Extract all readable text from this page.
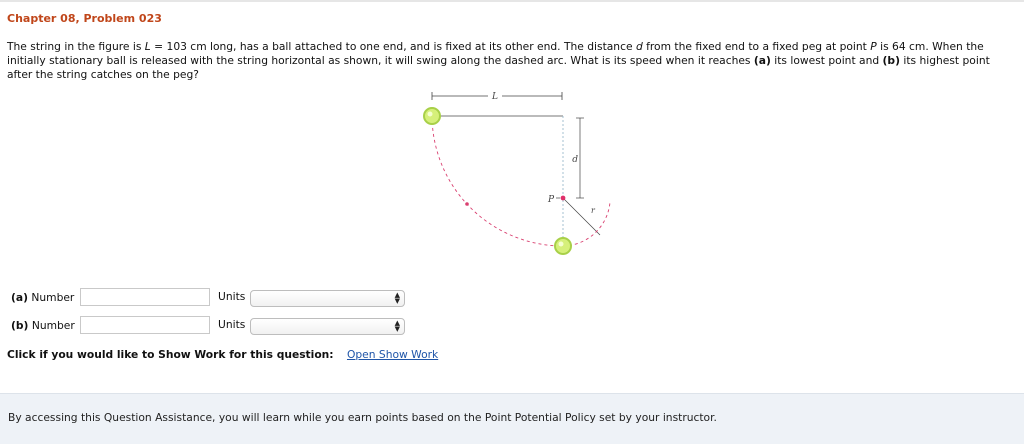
Chapter 08, Problem 023
The string in the figure is L = 103 cm long, has a ball attached to one end, and is fixed at its other end. The distance d from the fixed end to a fixed peg at point P is 64 cm. When the initially stationary ball is released with the string horizontal as shown, it will swing along the dashed arc. What is its speed when it reaches (a) its lowest point and (b) its highest point after the string catches on the peg?
L
d
r
P
(a) Number	Units	▲
▼
(b) Number	Units	▲
▼
Click if you would like to Show Work for this question: Open Show Work
By accessing this Question Assistance, you will learn while you earn points based on the Point Potential Policy set by your instructor.
